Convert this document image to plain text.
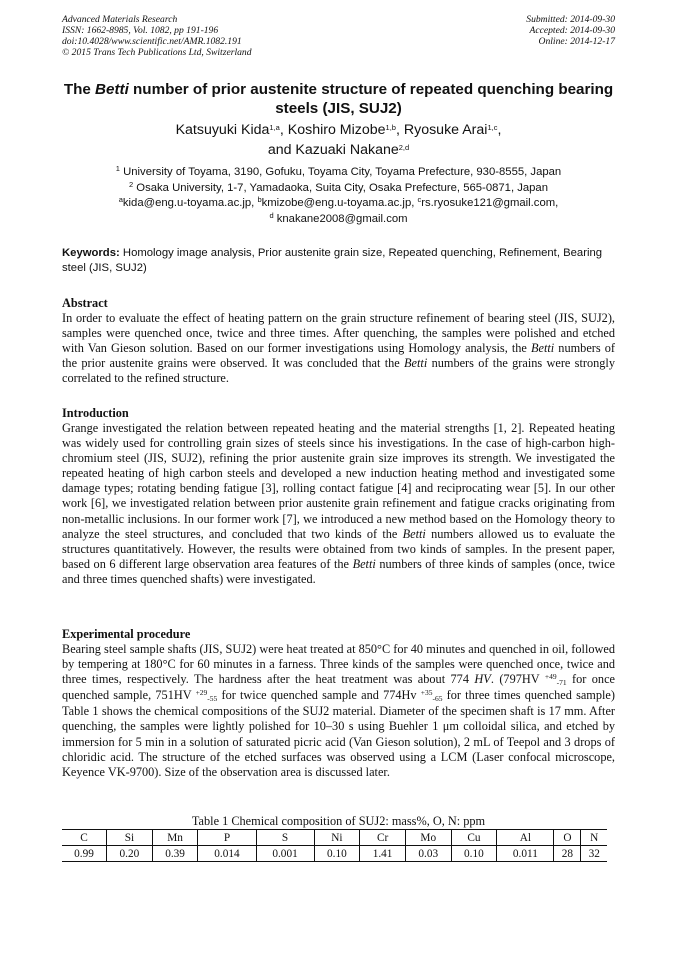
Advanced Materials Research
ISSN: 1662-8985, Vol. 1082, pp 191-196
doi:10.4028/www.scientific.net/AMR.1082.191
© 2015 Trans Tech Publications Ltd, Switzerland
Submitted: 2014-09-30
Accepted: 2014-09-30
Online: 2014-12-17
The Betti number of prior austenite structure of repeated quenching bearing steels (JIS, SUJ2)
Katsuyuki Kida$^{1,a}$, Koshiro Mizobe$^{1,b}$, Ryosuke Arai$^{1,c}$,
and Kazuaki Nakane$^{2,d}$
$^1$ University of Toyama, 3190, Gofuku, Toyama City, Toyama Prefecture, 930-8555, Japan
$^2$ Osaka University, 1-7, Yamadaoka, Suita City, Osaka Prefecture, 565-0871, Japan
$^a$kida@eng.u-toyama.ac.jp, $^b$kmizobe@eng.u-toyama.ac.jp, $^c$rs.ryosuke121@gmail.com,
$^d$ knakane2008@gmail.com
Keywords: Homology image analysis, Prior austenite grain size, Repeated quenching, Refinement, Bearing steel (JIS, SUJ2)
Abstract
In order to evaluate the effect of heating pattern on the grain structure refinement of bearing steel (JIS, SUJ2), samples were quenched once, twice and three times. After quenching, the samples were polished and etched with Van Gieson solution. Based on our former investigations using Homology analysis, the Betti numbers of the prior austenite grains were observed. It was concluded that the Betti numbers of the grains were strongly correlated to the refined structure.
Introduction
Grange investigated the relation between repeated heating and the material strengths [1, 2]. Repeated heating was widely used for controlling grain sizes of steels since his investigations. In the case of high-carbon high-chromium steel (JIS, SUJ2), refining the prior austenite grain size improves its strength. We investigated the repeated heating of high carbon steels and developed a new induction heating method and investigated some damage types; rotating bending fatigue [3], rolling contact fatigue [4] and reciprocating wear [5]. In our other work [6], we investigated relation between prior austenite grain refinement and fatigue cracks originating from non-metallic inclusions. In our former work [7], we introduced a new method based on the Homology theory to analyze the steel structures, and concluded that two kinds of the Betti numbers allowed us to evaluate the structures quantitatively. However, the results were obtained from two kinds of samples. In the present paper, based on 6 different large observation area features of the Betti numbers of three kinds of samples (once, twice and three times quenched shafts) were investigated.
Experimental procedure
Bearing steel sample shafts (JIS, SUJ2) were heat treated at 850°C for 40 minutes and quenched in oil, followed by tempering at 180°C for 60 minutes in a farness. Three kinds of the samples were quenched once, twice and three times, respectively. The hardness after the heat treatment was about 774 HV. (797HV $^{+49}_{-71}$ for once quenched sample, 751HV $^{+29}_{-55}$ for twice quenched sample and 774Hv $^{+35}_{-65}$ for three times quenched sample) Table 1 shows the chemical compositions of the SUJ2 material. Diameter of the specimen shaft is 17 mm. After quenching, the samples were lightly polished for 10–30 s using Buehler 1 μm colloidal silica, and etched by immersion for 5 min in a solution of saturated picric acid (Van Gieson solution), 2 mL of Teepol and 3 drops of chloridic acid. The structure of the etched surfaces was observed using a LCM (Laser confocal microscope, Keyence VK-9700). Size of the observation area is discussed later.
Table 1 Chemical composition of SUJ2: mass%, O, N: ppm
C	Si	Mn	P	S	Ni	Cr	Mo	Cu	Al	O	N
0.99	0.20	0.39	0.014	0.001	0.10	1.41	0.03	0.10	0.011	28	32
